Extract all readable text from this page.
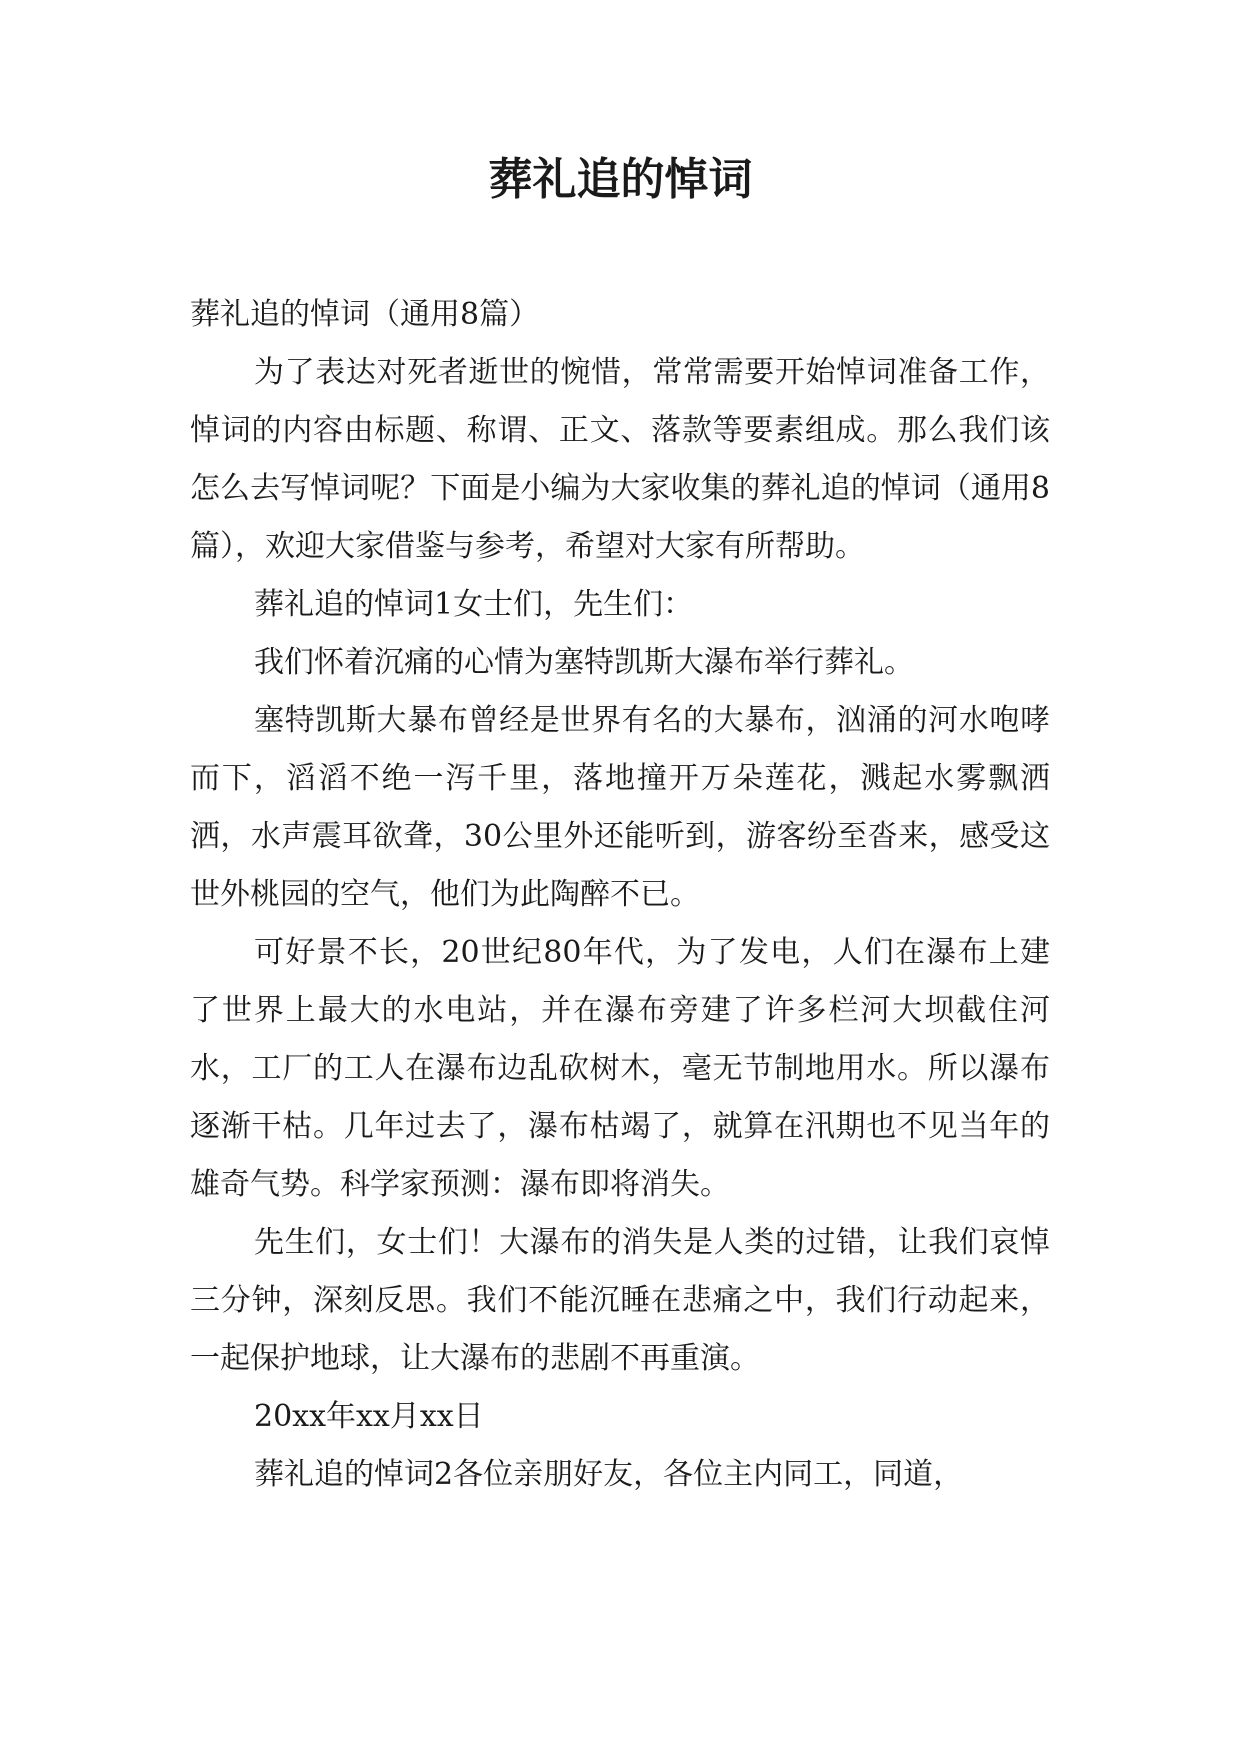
葬礼追的悼词

葬礼追的悼词（通用8篇）

为了表达对死者逝世的惋惜，常常需要开始悼词准备工作，悼词的内容由标题、称谓、正文、落款等要素组成。那么我们该怎么去写悼词呢？下面是小编为大家收集的葬礼追的悼词（通用8篇），欢迎大家借鉴与参考，希望对大家有所帮助。

葬礼追的悼词1女士们，先生们：

我们怀着沉痛的心情为塞特凯斯大瀑布举行葬礼。

塞特凯斯大暴布曾经是世界有名的大暴布，汹涌的河水咆哮而下，滔滔不绝一泻千里，落地撞开万朵莲花，溅起水雾飘洒洒，水声震耳欲聋，30公里外还能听到，游客纷至沓来，感受这世外桃园的空气，他们为此陶醉不已。

可好景不长，20世纪80年代，为了发电，人们在瀑布上建了世界上最大的水电站，并在瀑布旁建了许多栏河大坝截住河水，工厂的工人在瀑布边乱砍树木，毫无节制地用水。所以瀑布逐渐干枯。几年过去了，瀑布枯竭了，就算在汛期也不见当年的雄奇气势。科学家预测：瀑布即将消失。

先生们，女士们！大瀑布的消失是人类的过错，让我们哀悼三分钟，深刻反思。我们不能沉睡在悲痛之中，我们行动起来，一起保护地球，让大瀑布的悲剧不再重演。

20xx年xx月xx日

葬礼追的悼词2各位亲朋好友，各位主内同工，同道，
